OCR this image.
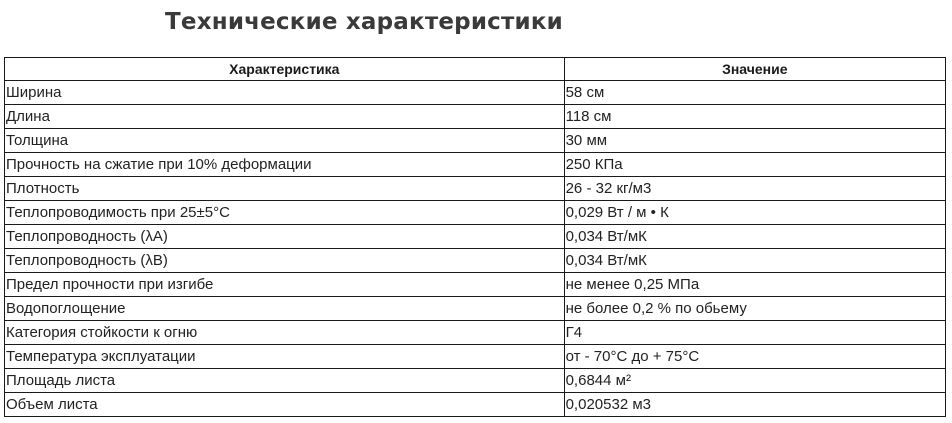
Технические характеристики
Характеристика	Значение
Ширина	58 см
Длина	118 см
Толщина	30 мм
Прочность на сжатие при 10% деформации	250 КПа
Плотность	26 - 32 кг/м3
Теплопроводимость при 25±5°С	0,029 Вт / м • К
Теплопроводность (λА)	0,034 Вт/мК
Теплопроводность (λВ)	0,034 Вт/мК
Предел прочности при изгибе	не менее 0,25 МПа
Водопоглощение	не более 0,2 % по обьему
Категория стойкости к огню	Г4
Температура эксплуатации	от - 70°С до + 75°С
Площадь листа	0,6844 м²
Объем листа	0,020532 м3
